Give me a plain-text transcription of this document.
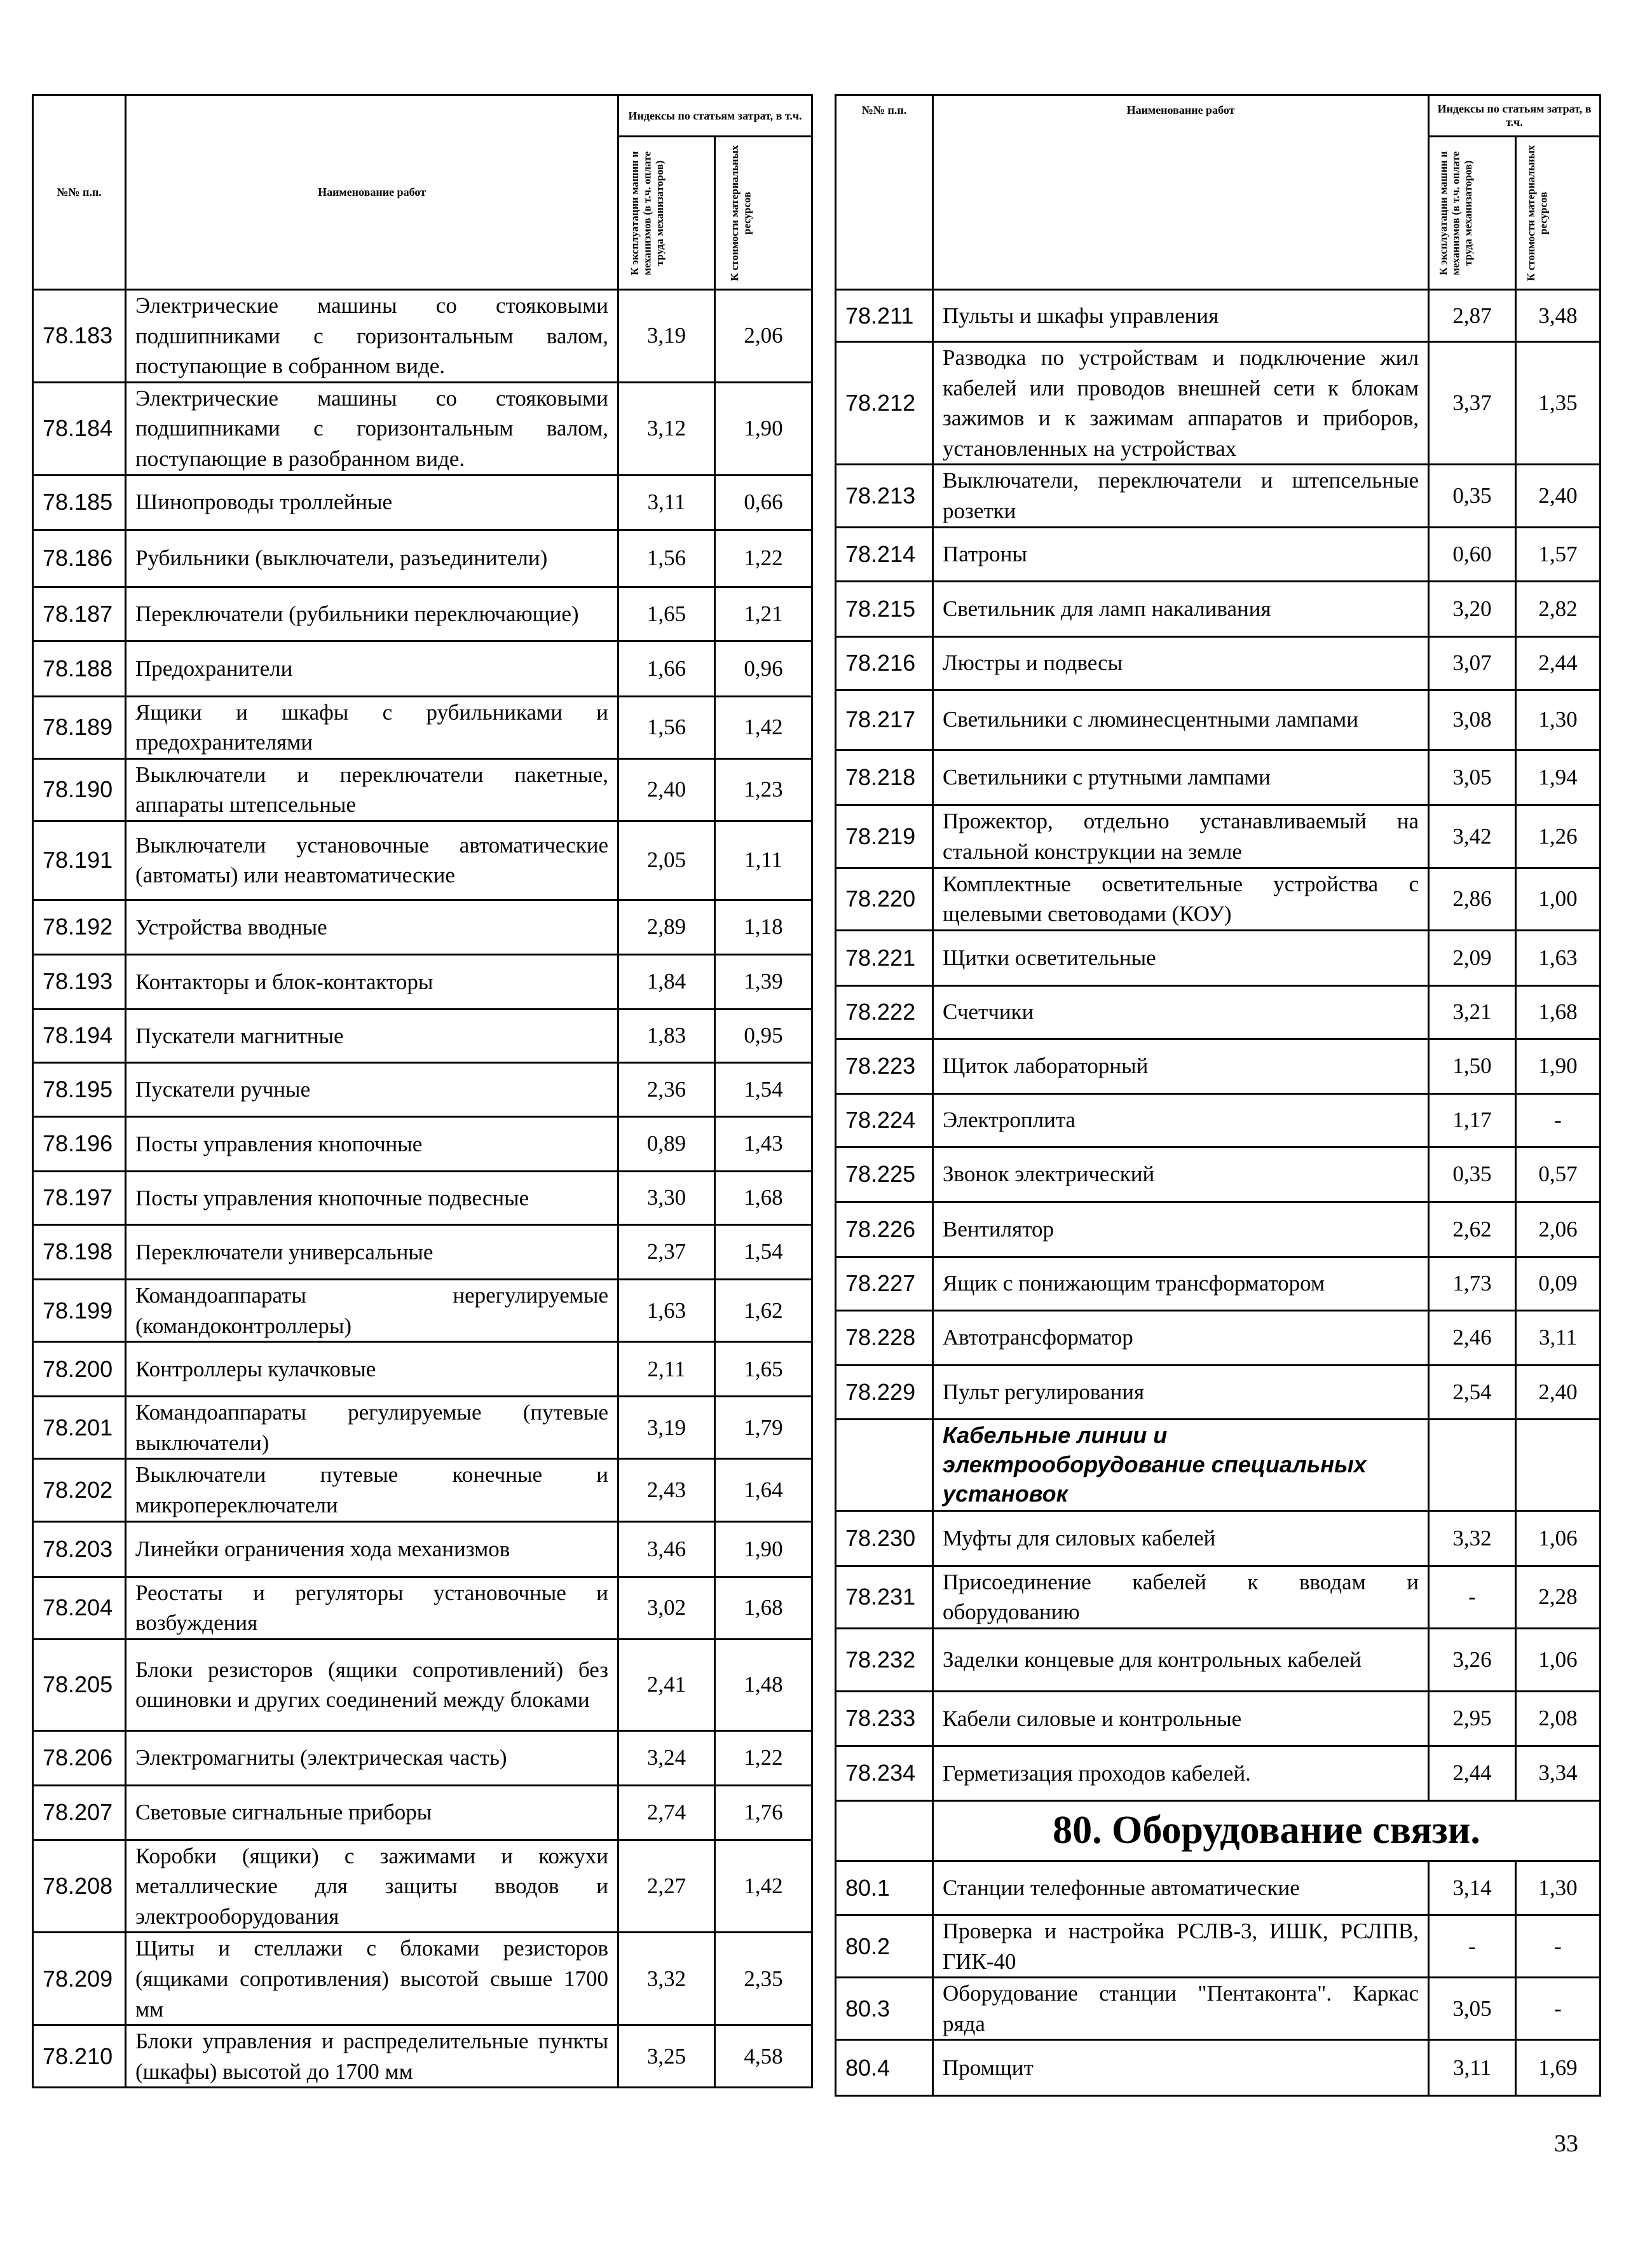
№№ п.п.	Наименование работ	Индексы по статьям затрат, в т.ч.	

		К эксплуатации машин и механизмов (в т.ч. оплате труда механизаторов)	К стоимости материальных ресурсов

78.183	Электрические машины со стояковыми подшипниками с горизонтальным валом, поступающие в собранном виде.	3,19	2,06
78.184	Электрические машины со стояковыми подшипниками с горизонтальным валом, поступающие в разобранном виде.	3,12	1,90
78.185	Шинопроводы троллейные	3,11	0,66
78.186	Рубильники (выключатели, разъединители)	1,56	1,22
78.187	Переключатели (рубильники переключающие)	1,65	1,21
78.188	Предохранители	1,66	0,96
78.189	Ящики и шкафы с рубильниками и предохранителями	1,56	1,42
78.190	Выключатели и переключатели пакетные, аппараты штепсельные	2,40	1,23
78.191	Выключатели установочные автоматические (автоматы) или неавтоматические	2,05	1,11
78.192	Устройства вводные	2,89	1,18
78.193	Контакторы и блок-контакторы	1,84	1,39
78.194	Пускатели магнитные	1,83	0,95
78.195	Пускатели ручные	2,36	1,54
78.196	Посты управления кнопочные	0,89	1,43
78.197	Посты управления кнопочные подвесные	3,30	1,68
78.198	Переключатели универсальные	2,37	1,54
78.199	Командоаппараты нерегулируемые (командоконтроллеры)	1,63	1,62
78.200	Контроллеры кулачковые	2,11	1,65
78.201	Командоаппараты регулируемые (путевые выключатели)	3,19	1,79
78.202	Выключатели путевые конечные и микропереключатели	2,43	1,64
78.203	Линейки ограничения хода механизмов	3,46	1,90
78.204	Реостаты и регуляторы установочные и возбуждения	3,02	1,68
78.205	Блоки резисторов (ящики сопротивлений) без ошиновки и других соединений между блоками	2,41	1,48
78.206	Электромагниты (электрическая часть)	3,24	1,22
78.207	Световые сигнальные приборы	2,74	1,76
78.208	Коробки (ящики) с зажимами и кожухи металлические для защиты вводов и электрооборудования	2,27	1,42
78.209	Щиты и стеллажи с блоками резисторов (ящиками сопротивления) высотой свыше 1700 мм	3,32	2,35
78.210	Блоки управления и распределительные пункты (шкафы) высотой до 1700 мм	3,25	4,58
№№ п.п.	Наименование работ	Индексы по статьям затрат, в т.ч.	

		К эксплуатации машин и механизмов (в т.ч. оплате труда механизаторов)	К стоимости материальных ресурсов

78.211	Пульты и шкафы управления	2,87	3,48
78.212	Разводка по устройствам и подключение жил кабелей или проводов внешней сети к блокам зажимов и к зажимам аппаратов и приборов, установленных на устройствах	3,37	1,35
78.213	Выключатели, переключатели и штепсельные розетки	0,35	2,40
78.214	Патроны	0,60	1,57
78.215	Светильник для ламп накаливания	3,20	2,82
78.216	Люстры и подвесы	3,07	2,44
78.217	Светильники с люминесцентными лампами	3,08	1,30
78.218	Светильники с ртутными лампами	3,05	1,94
78.219	Прожектор, отдельно устанавливаемый на стальной конструкции на земле	3,42	1,26
78.220	Комплектные осветительные устройства с щелевыми световодами (КОУ)	2,86	1,00
78.221	Щитки осветительные	2,09	1,63
78.222	Счетчики	3,21	1,68
78.223	Щиток лабораторный	1,50	1,90
78.224	Электроплита	1,17	-
78.225	Звонок электрический	0,35	0,57
78.226	Вентилятор	2,62	2,06
78.227	Ящик с понижающим трансформатором	1,73	0,09
78.228	Автотрансформатор	2,46	3,11
78.229	Пульт регулирования	2,54	2,40
	Кабельные линии и электрооборудование специальных установок		
78.230	Муфты для силовых кабелей	3,32	1,06
78.231	Присоединение кабелей к вводам и оборудованию	-	2,28
78.232	Заделки концевые для контрольных кабелей	3,26	1,06
78.233	Кабели силовые и контрольные	2,95	2,08
78.234	Герметизация проходов кабелей.	2,44	3,34
	80. Оборудование связи.		
80.1	Станции телефонные автоматические	3,14	1,30
80.2	Проверка и настройка РСЛВ-3, ИШК, РСЛПВ, ГИК-40	-	-
80.3	Оборудование станции "Пентаконта". Каркас ряда	3,05	-
80.4	Промщит	3,11	1,69
33
